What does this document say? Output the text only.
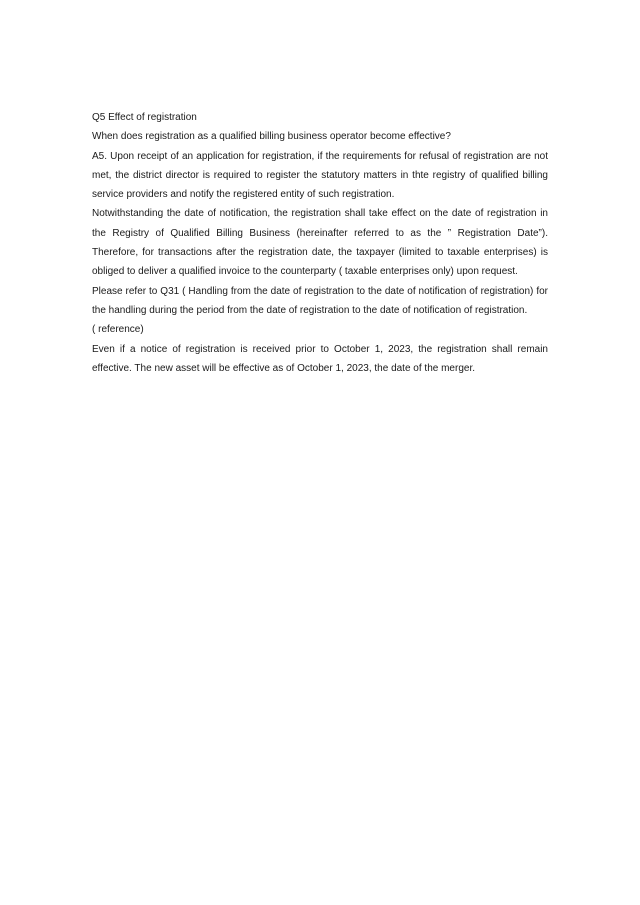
Q5 Effect of registration

When does registration as a qualified billing business operator become effective?

A5. Upon receipt of an application for registration, if the requirements for refusal of registration are not met, the district director is required to register the statutory matters in thte registry of qualified billing service providers and notify the registered entity of such registration.

Notwithstanding the date of notification, the registration shall take effect on the date of registration in the Registry of Qualified Billing Business (hereinafter referred to as the ” Registration Date”). Therefore, for transactions after the registration date, the taxpayer (limited to taxable enterprises) is obliged to deliver a qualified invoice to the counterparty ( taxable enterprises only) upon request.

Please refer to Q31 ( Handling from the date of registration to the date of notification of registration) for the handling during the period from the date of registration to the date of notification of registration.

( reference)

Even if a notice of registration is received prior to October 1, 2023, the registration shall remain effective. The new asset will be effective as of October 1, 2023, the date of the merger.
